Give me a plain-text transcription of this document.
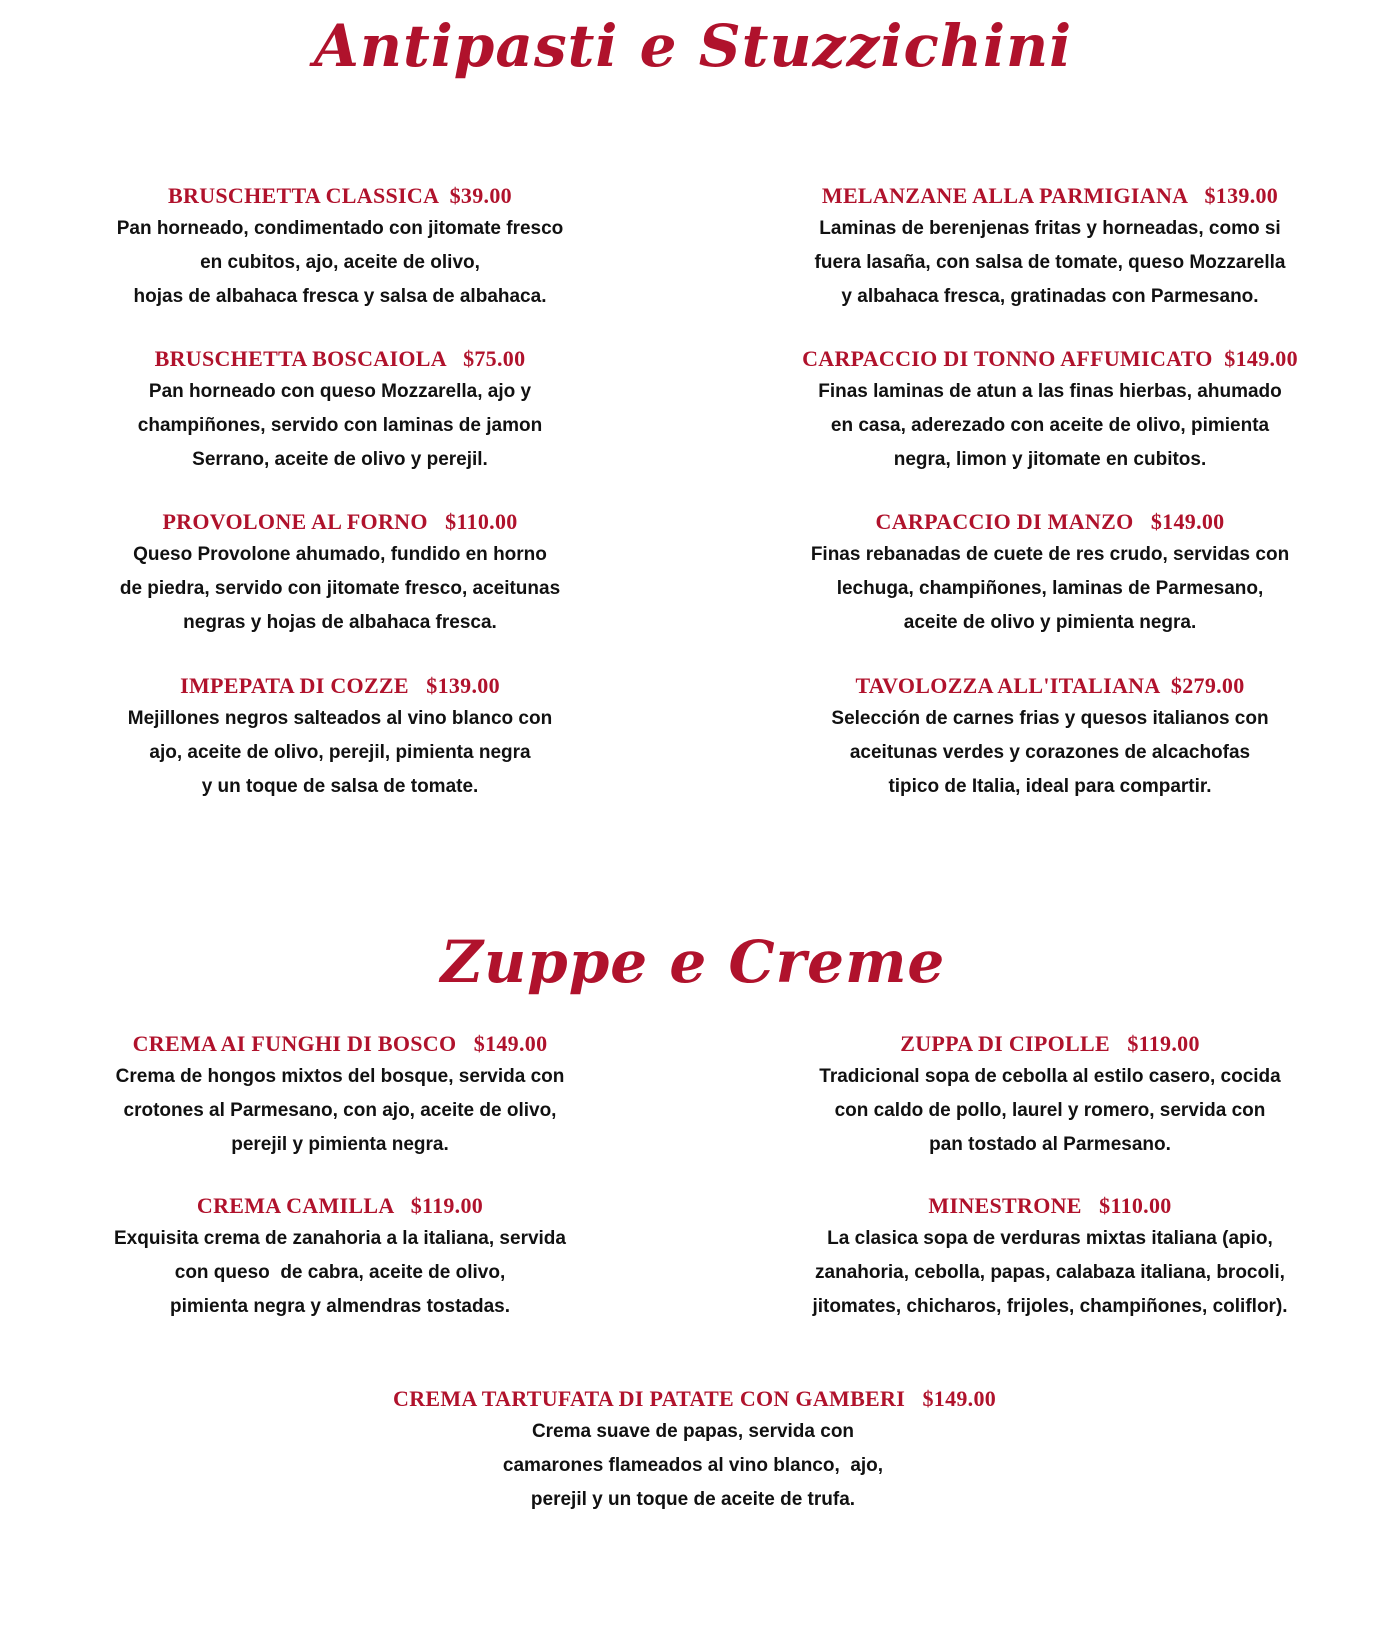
Antipasti e Stuzzichini
BRUSCHETTA CLASSICA  $39.00
Pan horneado, condimentado con jitomate fresco
en cubitos, ajo, aceite de olivo,
hojas de albahaca fresca y salsa de albahaca.
MELANZANE ALLA PARMIGIANA   $139.00
Laminas de berenjenas fritas y horneadas, como si
fuera lasaña, con salsa de tomate, queso Mozzarella
y albahaca fresca, gratinadas con Parmesano.
BRUSCHETTA BOSCAIOLA   $75.00
Pan horneado con queso Mozzarella, ajo y
champiñones, servido con laminas de jamon
Serrano, aceite de olivo y perejil.
CARPACCIO DI TONNO AFFUMICATO  $149.00
Finas laminas de atun a las finas hierbas, ahumado
en casa, aderezado con aceite de olivo, pimienta
negra, limon y jitomate en cubitos.
PROVOLONE AL FORNO   $110.00
Queso Provolone ahumado, fundido en horno
de piedra, servido con jitomate fresco, aceitunas
negras y hojas de albahaca fresca.
CARPACCIO DI MANZO   $149.00
Finas rebanadas de cuete de res crudo, servidas con
lechuga, champiñones, laminas de Parmesano,
aceite de olivo y pimienta negra.
IMPEPATA DI COZZE   $139.00
Mejillones negros salteados al vino blanco con
ajo, aceite de olivo, perejil, pimienta negra
y un toque de salsa de tomate.
TAVOLOZZA ALL'ITALIANA  $279.00
Selección de carnes frias y quesos italianos con
aceitunas verdes y corazones de alcachofas
tipico de Italia, ideal para compartir.
Zuppe e Creme
CREMA AI FUNGHI DI BOSCO   $149.00
Crema de hongos mixtos del bosque, servida con
crotones al Parmesano, con ajo, aceite de olivo,
perejil y pimienta negra.
ZUPPA DI CIPOLLE   $119.00
Tradicional sopa de cebolla al estilo casero, cocida
con caldo de pollo, laurel y romero, servida con
pan tostado al Parmesano.
CREMA CAMILLA   $119.00
Exquisita crema de zanahoria a la italiana, servida
con queso  de cabra, aceite de olivo,
pimienta negra y almendras tostadas.
MINESTRONE   $110.00
La clasica sopa de verduras mixtas italiana (apio,
zanahoria, cebolla, papas, calabaza italiana, brocoli,
jitomates, chicharos, frijoles, champiñones, coliflor).
CREMA TARTUFATA DI PATATE CON GAMBERI   $149.00
Crema suave de papas, servida con
camarones flameados al vino blanco,  ajo,
perejil y un toque de aceite de trufa.
